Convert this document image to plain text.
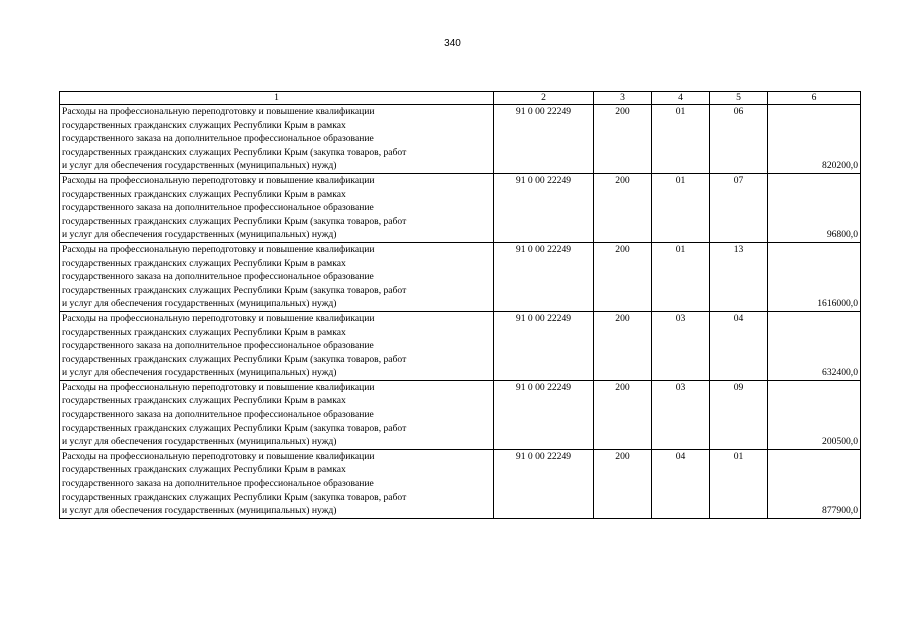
340
1	2	3	4	5	6

Расходы на профессиональную переподготовку и повышение квалификации
государственных гражданских служащих Республики Крым в рамках
государственного заказа на дополнительное профессиональное образование
государственных гражданских служащих Республики Крым (закупка товаров, работ
и услуг для обеспечения государственных (муниципальных) нужд)	91 0 00 22249	200	01	06	820200,0

Расходы на профессиональную переподготовку и повышение квалификации
государственных гражданских служащих Республики Крым в рамках
государственного заказа на дополнительное профессиональное образование
государственных гражданских служащих Республики Крым (закупка товаров, работ
и услуг для обеспечения государственных (муниципальных) нужд)	91 0 00 22249	200	01	07	96800,0

Расходы на профессиональную переподготовку и повышение квалификации
государственных гражданских служащих Республики Крым в рамках
государственного заказа на дополнительное профессиональное образование
государственных гражданских служащих Республики Крым (закупка товаров, работ
и услуг для обеспечения государственных (муниципальных) нужд)	91 0 00 22249	200	01	13	1616000,0

Расходы на профессиональную переподготовку и повышение квалификации
государственных гражданских служащих Республики Крым в рамках
государственного заказа на дополнительное профессиональное образование
государственных гражданских служащих Республики Крым (закупка товаров, работ
и услуг для обеспечения государственных (муниципальных) нужд)	91 0 00 22249	200	03	04	632400,0

Расходы на профессиональную переподготовку и повышение квалификации
государственных гражданских служащих Республики Крым в рамках
государственного заказа на дополнительное профессиональное образование
государственных гражданских служащих Республики Крым (закупка товаров, работ
и услуг для обеспечения государственных (муниципальных) нужд)	91 0 00 22249	200	03	09	200500,0

Расходы на профессиональную переподготовку и повышение квалификации
государственных гражданских служащих Республики Крым в рамках
государственного заказа на дополнительное профессиональное образование
государственных гражданских служащих Республики Крым (закупка товаров, работ
и услуг для обеспечения государственных (муниципальных) нужд)	91 0 00 22249	200	04	01	877900,0
